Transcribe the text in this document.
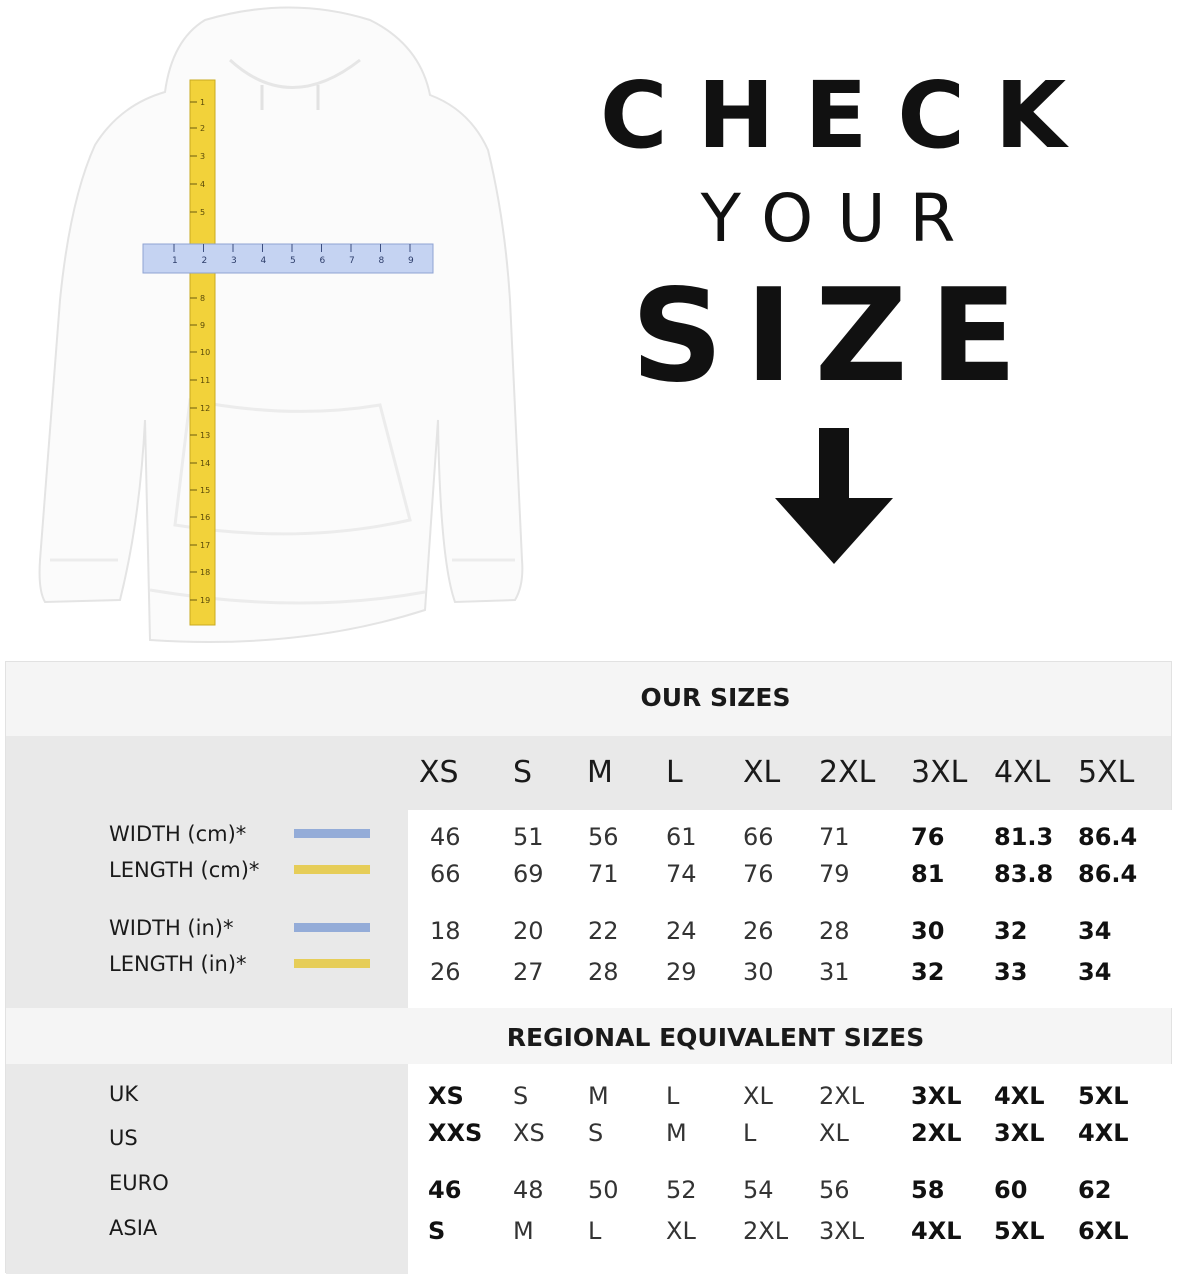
1
2
3
4
5
8
9
10
11
12
13
14
15
16
17
18
19
1	2	3	4	5	6	7	8	9
CHECK
YOUR
SIZE
OUR SIZES
REGIONAL EQUIVALENT SIZES
XS S M L XL 2XL 3XL 4XL 5XL
WIDTH (cm)*	46 51 56 61 66 71	76 81.3 86.4
LENGTH (cm)*	66 69 71 74 76 79	81 83.8 86.4
WIDTH (in)*	18 20 22 24 26 28	30 32 34
LENGTH (in)*	26 27 28 29 30 31	32 33 34
UK	XS S M L	XL 2XL 3XL 4XL 5XL
US	XXS XS S	M L	XL	2XL 3XL 4XL
EURO	46 48 50 52 54 56	58 60 62
ASIA	S	M L	XL 2XL 3XL 4XL 5XL 6XL
